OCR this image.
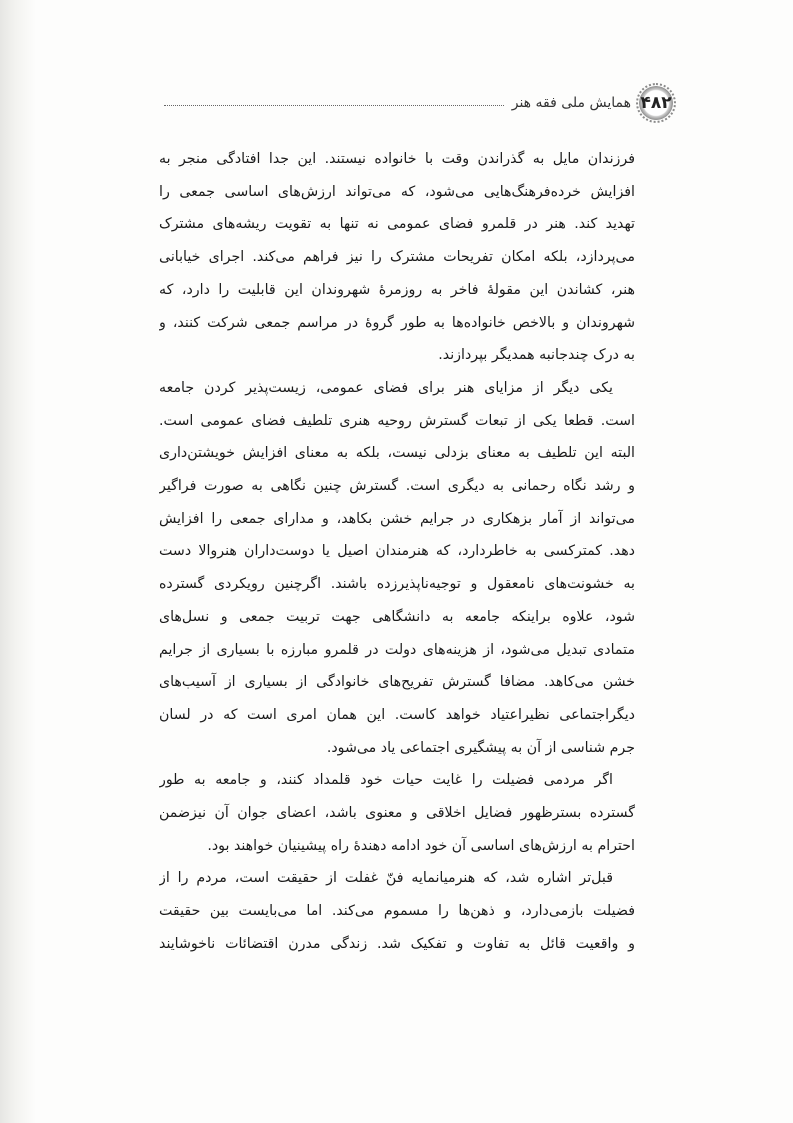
۴۸۲
همایش ملی فقه هنر
فرزندان مایل به گذراندن وقت با خانواده نیستند. این جدا افتادگی منجر به
افزایش خرده‌فرهنگ‌هایی می‌شود، که می‌تواند ارزش‌های اساسی جمعی را
تهدید کند. هنر در قلمرو فضای عمومی نه تنها به تقویت ریشه‌های مشترک
می‌پردازد، بلکه امکان تفریحات مشترک را نیز فراهم می‌کند. اجرای خیابانی
هنر، کشاندن این مقولهٔ فاخر به روزمرهٔ شهروندان این قابلیت را دارد، که
شهروندان و بالاخص خانواده‌ها به طور گروهٔ در مراسم جمعی شرکت کنند، و
به درک چندجانبه همدیگر بپردازند.
یکی دیگر از مزایای هنر برای فضای عمومی، زیست‌پذیر کردن جامعه
است. قطعا یکی از تبعات گسترش روحیه هنری تلطیف فضای عمومی است.
البته این تلطیف به معنای بزدلی نیست، بلکه به معنای افزایش خویشتن‌داری
و رشد نگاه رحمانی به دیگری است. گسترش چنین نگاهی به صورت فراگیر
می‌تواند از آمار بزهکاری در جرایم خشن بکاهد، و مدارای جمعی را افزایش
دهد. کمترکسی به خاطردارد، که هنرمندان اصیل یا دوست‌داران هنروالا دست
به خشونت‌های نامعقول و توجیه‌ناپذیرزده باشند. اگرچنین رویکردی گسترده
شود، علاوه براینکه جامعه به دانشگاهی جهت تربیت جمعی و نسل‌های
متمادی تبدیل می‌شود، از هزینه‌های دولت در قلمرو مبارزه با بسیاری از جرایم
خشن می‌کاهد. مضافا گسترش تفریح‌های خانوادگی از بسیاری از آسیب‌های
دیگراجتماعی نظیراعتیاد خواهد کاست. این همان امری است که در لسان
جرم شناسی از آن به پیشگیری اجتماعی یاد می‌شود.
اگر مردمی فضیلت را غایت حیات خود قلمداد کنند، و جامعه به طور
گسترده بسترظهور فضایل اخلاقی و معنوی باشد، اعضای جوان آن نیزضمن
احترام به ارزش‌های اساسی آن خود ادامه دهندهٔ راه پیشینیان خواهند بود.
قبل‌تر اشاره شد، که هنرمیانمایه فنّ غفلت از حقیقت است، مردم را از
فضیلت بازمی‌دارد، و ذهن‌ها را مسموم می‌کند. اما می‌بایست بین حقیقت
و واقعیت قائل به تفاوت و تفکیک شد. زندگی مدرن اقتضائات ناخوشایند
